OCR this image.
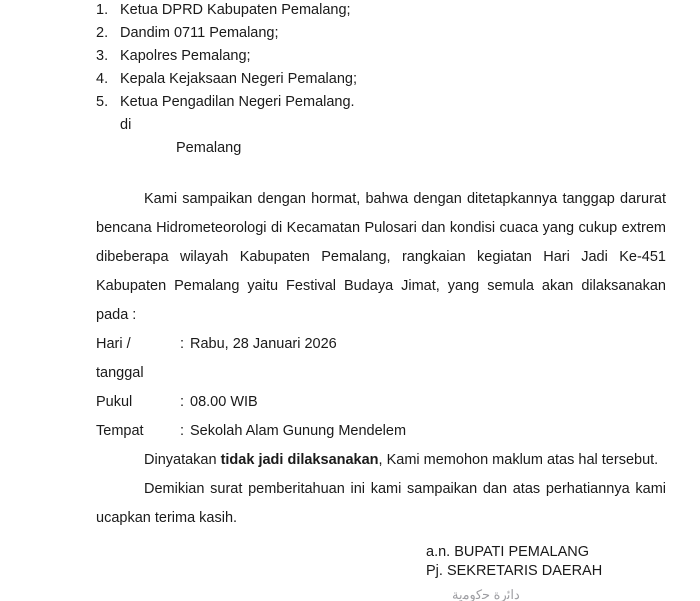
1. Ketua DPRD Kabupaten Pemalang;
2. Dandim 0711 Pemalang;
3. Kapolres Pemalang;
4. Kepala Kejaksaan Negeri Pemalang;
5. Ketua Pengadilan Negeri Pemalang.
di
Pemalang

Kami sampaikan dengan hormat, bahwa dengan ditetapkannya tanggap darurat bencana Hidrometeorologi di Kecamatan Pulosari dan kondisi cuaca yang cukup extrem dibeberapa wilayah Kabupaten Pemalang, rangkaian kegiatan Hari Jadi Ke-451 Kabupaten Pemalang yaitu Festival Budaya Jimat, yang semula akan dilaksanakan pada :

Hari / tanggal
: Rabu, 28 Januari 2026
Pukul	: 08.00 WIB
Tempat	: Sekolah Alam Gunung Mendelem

Dinyatakan tidak jadi dilaksanakan, Kami memohon maklum atas hal tersebut.

Demikian surat pemberitahuan ini kami sampaikan dan atas perhatiannya kami ucapkan terima kasih.

a.n. BUPATI PEMALANG
Pj. SEKRETARIS DAERAH
ﺩﺍﺋﺭﺓ ﺣﻛﻭﻣﻳﺔ
